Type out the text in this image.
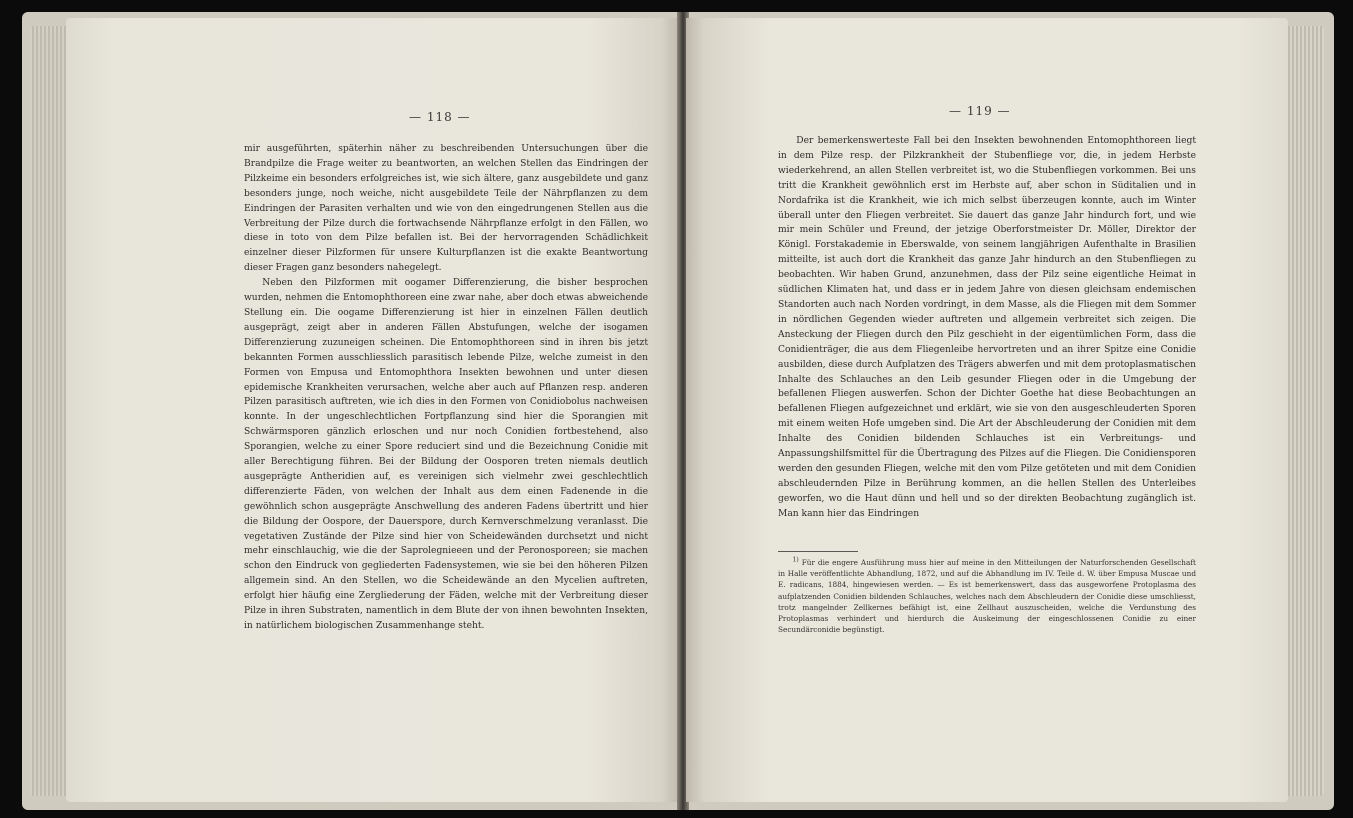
— 118 —

mir ausgeführten, späterhin näher zu beschreibenden Untersuchungen über die Brandpilze die Frage weiter zu beantworten, an welchen Stellen das Eindringen der Pilzkeime ein besonders erfolgreiches ist, wie sich ältere, ganz ausgebildete und ganz besonders junge, noch weiche, nicht ausgebildete Teile der Nährpflanzen zu dem Eindringen der Parasiten verhalten und wie von den eingedrungenen Stellen aus die Verbreitung der Pilze durch die fortwachsende Nährpflanze erfolgt in den Fällen, wo diese in toto von dem Pilze befallen ist. Bei der hervorragenden Schädlichkeit einzelner dieser Pilzformen für unsere Kulturpflanzen ist die exakte Beantwortung dieser Fragen ganz besonders nahegelegt.

Neben den Pilzformen mit oogamer Differenzierung, die bisher besprochen wurden, nehmen die Entomophthoreen eine zwar nahe, aber doch etwas abweichende Stellung ein. Die oogame Differenzierung ist hier in einzelnen Fällen deutlich ausgeprägt, zeigt aber in anderen Fällen Abstufungen, welche der isogamen Differenzierung zuzuneigen scheinen. Die Entomophthoreen sind in ihren bis jetzt bekannten Formen ausschliesslich parasitisch lebende Pilze, welche zumeist in den Formen von Empusa und Entomophthora Insekten bewohnen und unter diesen epidemische Krankheiten verursachen, welche aber auch auf Pflanzen resp. anderen Pilzen parasitisch auftreten, wie ich dies in den Formen von Conidiobolus nachweisen konnte. In der ungeschlechtlichen Fortpflanzung sind hier die Sporangien mit Schwärmsporen gänzlich erloschen und nur noch Conidien fortbestehend, also Sporangien, welche zu einer Spore reduciert sind und die Bezeichnung Conidie mit aller Berechtigung führen. Bei der Bildung der Oosporen treten niemals deutlich ausgeprägte Antheridien auf, es vereinigen sich vielmehr zwei geschlechtlich differenzierte Fäden, von welchen der Inhalt aus dem einen Fadenende in die gewöhnlich schon ausgeprägte Anschwellung des anderen Fadens übertritt und hier die Bildung der Oospore, der Dauerspore, durch Kernverschmelzung veranlasst. Die vegetativen Zustände der Pilze sind hier von Scheidewänden durchsetzt und nicht mehr einschlauchig, wie die der Saprolegnieeen und der Peronosporeen; sie machen schon den Eindruck von gegliederten Fadensystemen, wie sie bei den höheren Pilzen allgemein sind. An den Stellen, wo die Scheidewände an den Mycelien auftreten, erfolgt hier häufig eine Zergliederung der Fäden, welche mit der Verbreitung dieser Pilze in ihren Substraten, namentlich in dem Blute der von ihnen bewohnten Insekten, in natürlichem biologischen Zusammenhange steht.

— 119 —

Der bemerkenswerteste Fall bei den Insekten bewohnenden Entomophthoreen liegt in dem Pilze resp. der Pilzkrankheit der Stubenfliege vor, die, in jedem Herbste wiederkehrend, an allen Stellen verbreitet ist, wo die Stubenfliegen vorkommen. Bei uns tritt die Krankheit gewöhnlich erst im Herbste auf, aber schon in Süditalien und in Nordafrika ist die Krankheit, wie ich mich selbst überzeugen konnte, auch im Winter überall unter den Fliegen verbreitet. Sie dauert das ganze Jahr hindurch fort, und wie mir mein Schüler und Freund, der jetzige Oberforstmeister Dr. Möller, Direktor der Königl. Forstakademie in Eberswalde, von seinem langjährigen Aufenthalte in Brasilien mitteilte, ist auch dort die Krankheit das ganze Jahr hindurch an den Stubenfliegen zu beobachten. Wir haben Grund, anzunehmen, dass der Pilz seine eigentliche Heimat in südlichen Klimaten hat, und dass er in jedem Jahre von diesen gleichsam endemischen Standorten auch nach Norden vordringt, in dem Masse, als die Fliegen mit dem Sommer in nördlichen Gegenden wieder auftreten und allgemein verbreitet sich zeigen. Die Ansteckung der Fliegen durch den Pilz geschieht in der eigentümlichen Form, dass die Conidienträger, die aus dem Fliegenleibe hervortreten und an ihrer Spitze eine Conidie ausbilden, diese durch Aufplatzen des Trägers abwerfen und mit dem protoplasmatischen Inhalte des Schlauches an den Leib gesunder Fliegen oder in die Umgebung der befallenen Fliegen auswerfen. Schon der Dichter Goethe hat diese Beobachtungen an befallenen Fliegen aufgezeichnet und erklärt, wie sie von den ausgeschleuderten Sporen mit einem weiten Hofe umgeben sind. Die Art der Abschleuderung der Conidien mit dem Inhalte des Conidien bildenden Schlauches ist ein Verbreitungs- und Anpassungshilfsmittel für die Übertragung des Pilzes auf die Fliegen. Die Conidiensporen werden den gesunden Fliegen, welche mit den vom Pilze getöteten und mit dem Conidien abschleudernden Pilze in Berührung kommen, an die hellen Stellen des Unterleibes geworfen, wo die Haut dünn und hell und so der direkten Beobachtung zugänglich ist. Man kann hier das Eindringen

$^{1)}$ Für die engere Ausführung muss hier auf meine in den Mitteilungen der Naturforschenden Gesellschaft in Halle veröffentlichte Abhandlung, 1872, und auf die Abhandlung im IV. Teile d. W. über Empusa Muscae und E. radicans, 1884, hingewiesen werden. — Es ist bemerkenswert, dass das ausgeworfene Protoplasma des aufplatzenden Conidien bildenden Schlauches, welches nach dem Abschleudern der Conidie diese umschliesst, trotz mangelnder Zellkernes befähigt ist, eine Zellhaut auszuscheiden, welche die Verdunstung des Protoplasmas verhindert und hierdurch die Auskeimung der eingeschlossenen Conidie zu einer Secundärconidie begünstigt.
